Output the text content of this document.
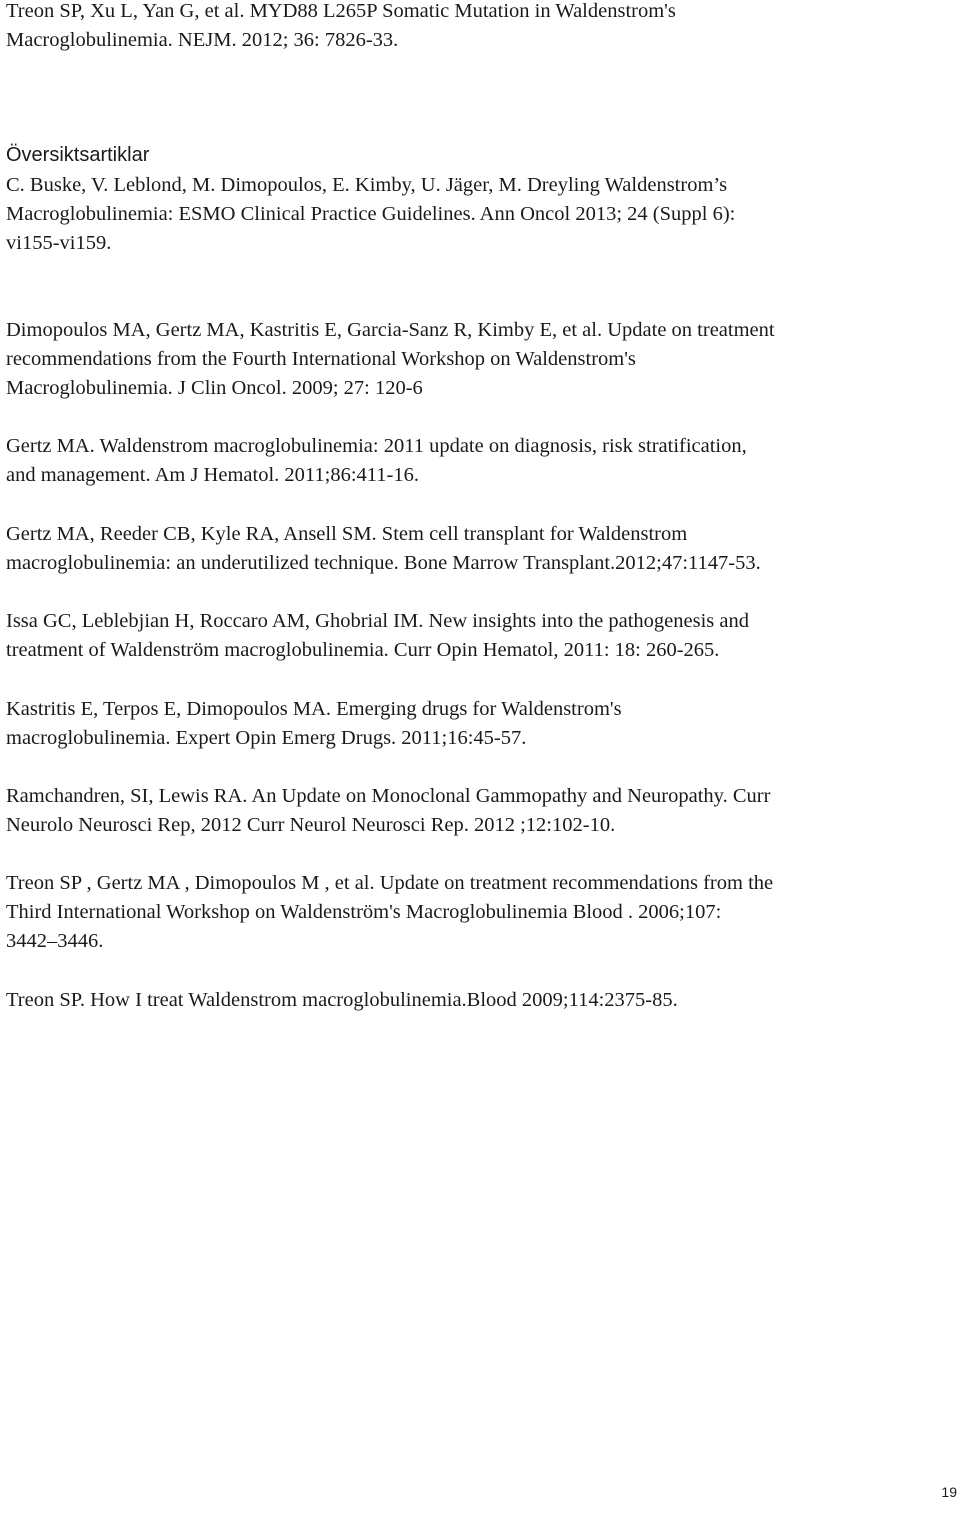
Treon SP, Xu L, Yan G, et al. MYD88 L265P Somatic Mutation in Waldenstrom's
Macroglobulinemia. NEJM. 2012; 36: 7826-33.

Översiktsartiklar

C. Buske, V. Leblond, M. Dimopoulos, E. Kimby, U. Jäger, M. Dreyling Waldenstrom’s
Macroglobulinemia: ESMO Clinical Practice Guidelines. Ann Oncol 2013; 24 (Suppl 6):
vi155-vi159.

Dimopoulos MA, Gertz MA, Kastritis E, Garcia-Sanz R, Kimby E, et al. Update on treatment
recommendations from the Fourth International Workshop on Waldenstrom's
Macroglobulinemia. J Clin Oncol. 2009; 27: 120-6

Gertz MA. Waldenstrom macroglobulinemia: 2011 update on diagnosis, risk stratification,
and management. Am J Hematol. 2011;86:411-16.

Gertz MA, Reeder CB, Kyle RA, Ansell SM. Stem cell transplant for Waldenstrom
macroglobulinemia: an underutilized technique. Bone Marrow Transplant.2012;47:1147-53.

Issa GC, Leblebjian H, Roccaro AM, Ghobrial IM. New insights into the pathogenesis and
treatment of Waldenström macroglobulinemia. Curr Opin Hematol, 2011: 18: 260-265.

Kastritis E, Terpos E, Dimopoulos MA. Emerging drugs for Waldenstrom's
macroglobulinemia. Expert Opin Emerg Drugs. 2011;16:45-57.

Ramchandren, SI, Lewis RA. An Update on Monoclonal Gammopathy and Neuropathy. Curr
Neurolo Neurosci Rep, 2012 Curr Neurol Neurosci Rep. 2012 ;12:102-10.

Treon SP , Gertz MA , Dimopoulos M , et al. Update on treatment recommendations from the
Third International Workshop on Waldenström's Macroglobulinemia Blood . 2006;107:
3442–3446.

Treon SP. How I treat Waldenstrom macroglobulinemia.Blood 2009;114:2375-85.

19
